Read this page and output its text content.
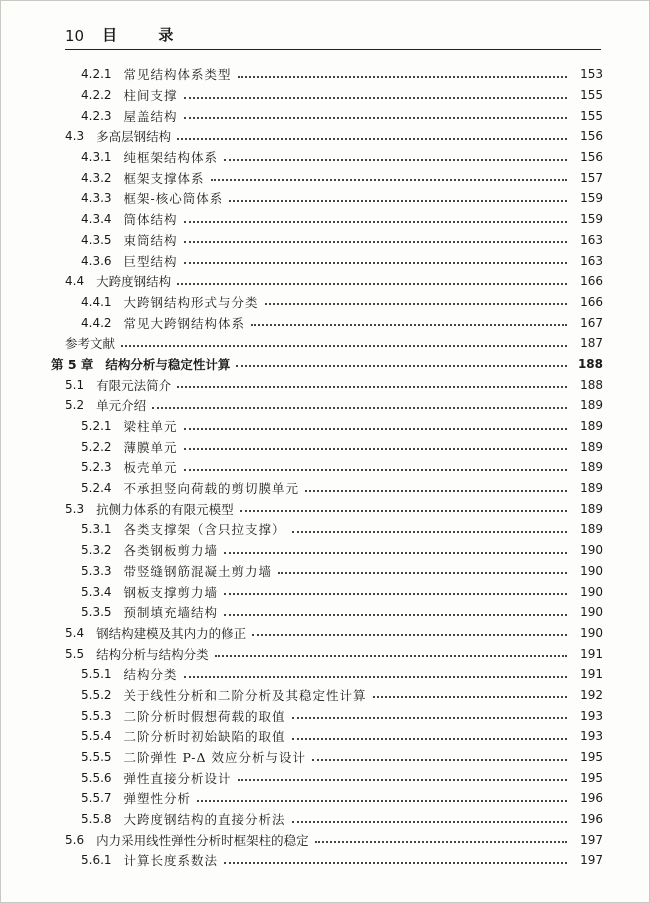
10 目 录
4.2.1 常见结构体系类型	153
4.2.2 柱间支撑	155
4.2.3 屋盖结构	155
4.3 多高层钢结构	156
4.3.1 纯框架结构体系	156
4.3.2 框架支撑体系	157
4.3.3 框架-核心筒体系	159
4.3.4 筒体结构	159
4.3.5 束筒结构	163
4.3.6 巨型结构	163
4.4 大跨度钢结构	166
4.4.1 大跨钢结构形式与分类	166
4.4.2 常见大跨钢结构体系	167
参考文献	187
第 5 章 结构分析与稳定性计算	188
5.1 有限元法简介	188
5.2 单元介绍	189
5.2.1 梁柱单元	189
5.2.2 薄膜单元	189
5.2.3 板壳单元	189
5.2.4 不承担竖向荷载的剪切膜单元	189
5.3 抗侧力体系的有限元模型	189
5.3.1 各类支撑架（含只拉支撑）	189
5.3.2 各类钢板剪力墙	190
5.3.3 带竖缝钢筋混凝土剪力墙	190
5.3.4 钢板支撑剪力墙	190
5.3.5 预制填充墙结构	190
5.4 钢结构建模及其内力的修正	190
5.5 结构分析与结构分类	191
5.5.1 结构分类	191
5.5.2 关于线性分析和二阶分析及其稳定性计算	192
5.5.3 二阶分析时假想荷载的取值	193
5.5.4 二阶分析时初始缺陷的取值	193
5.5.5 二阶弹性 P-Δ 效应分析与设计	195
5.5.6 弹性直接分析设计	195
5.5.7 弹塑性分析	196
5.5.8 大跨度钢结构的直接分析法	196
5.6 内力采用线性弹性分析时框架柱的稳定	197
5.6.1 计算长度系数法	197
